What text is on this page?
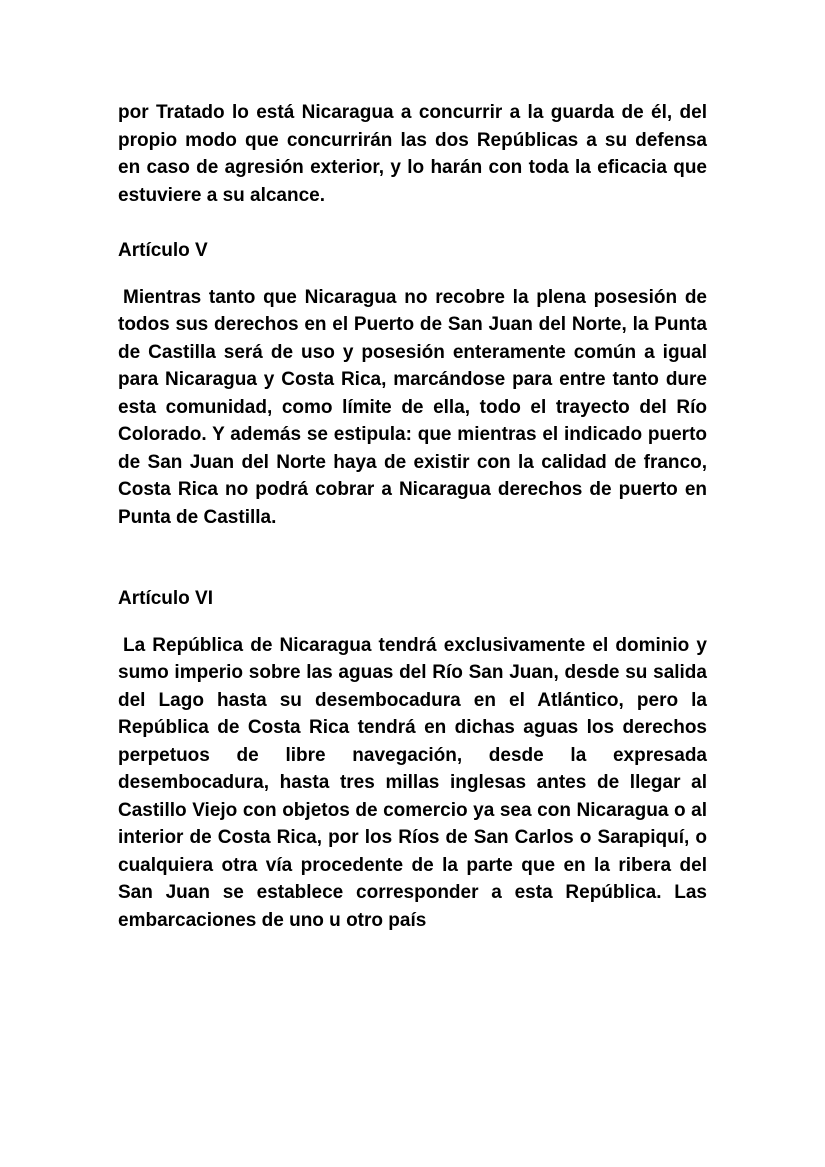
por Tratado lo está Nicaragua a concurrir a la guarda de él, del propio modo que concurrirán las dos Repúblicas a su defensa en caso de agresión exterior, y lo harán con toda la eficacia que estuviere a su alcance.

Artículo V

Mientras tanto que Nicaragua no recobre la plena posesión de todos sus derechos en el Puerto de San Juan del Norte, la Punta de Castilla será de uso y posesión enteramente común a igual para Nicaragua y Costa Rica, marcándose para entre tanto dure esta comunidad, como límite de ella, todo el trayecto del Río Colorado. Y además se estipula: que mientras el indicado puerto de San Juan del Norte haya de existir con la calidad de franco, Costa Rica no podrá cobrar a Nicaragua derechos de puerto en Punta de Castilla.

Artículo VI

La República de Nicaragua tendrá exclusivamente el dominio y sumo imperio sobre las aguas del Río San Juan, desde su salida del Lago hasta su desembocadura en el Atlántico, pero la República de Costa Rica tendrá en dichas aguas los derechos perpetuos de libre navegación, desde la expresada desembocadura, hasta tres millas inglesas antes de llegar al Castillo Viejo con objetos de comercio ya sea con Nicaragua o al interior de Costa Rica, por los Ríos de San Carlos o Sarapiquí, o cualquiera otra vía procedente de la parte que en la ribera del San Juan se establece corresponder a esta República. Las embarcaciones de uno u otro país
